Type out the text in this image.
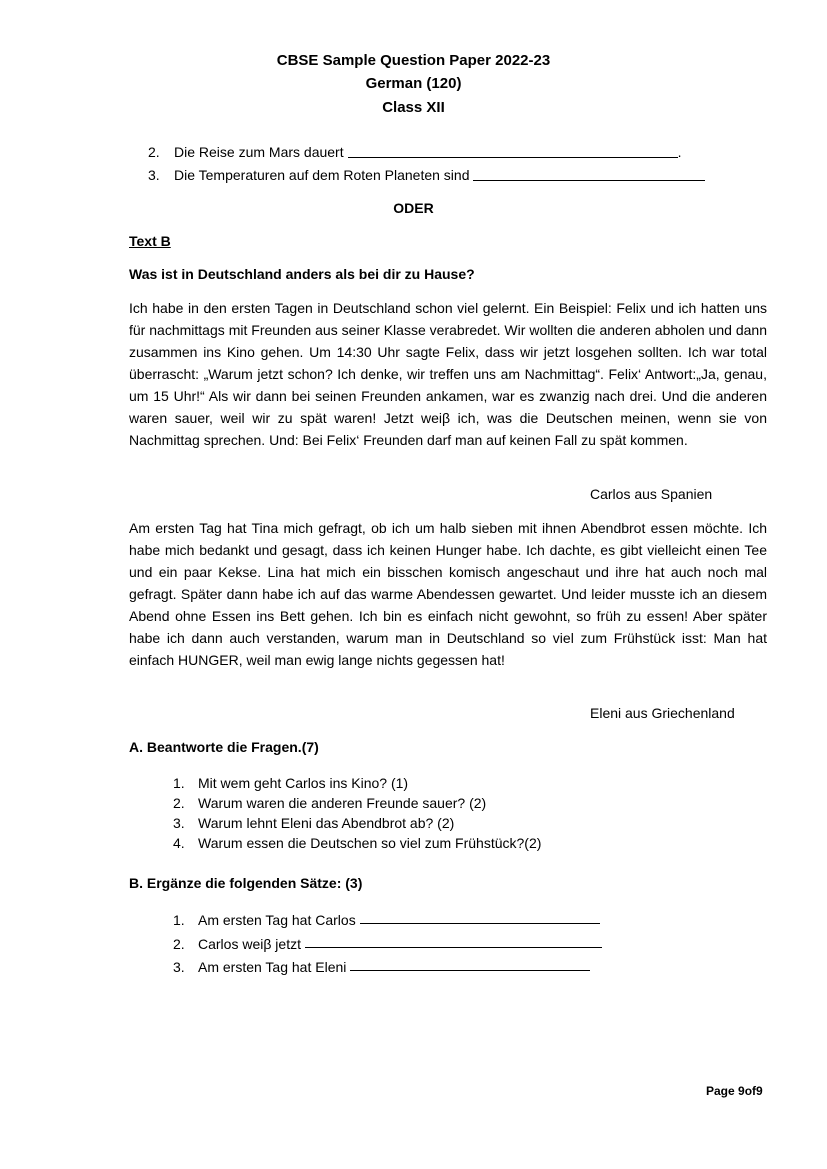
CBSE Sample Question Paper 2022-23
German (120)
Class XII
2.	Die Reise zum Mars dauert	.
3.	Die Temperaturen auf dem Roten Planeten sind
ODER
Text B
Was ist in Deutschland anders als bei dir zu Hause?
Ich habe in den ersten Tagen in Deutschland schon viel gelernt. Ein Beispiel: Felix und ich hatten uns für nachmittags mit Freunden aus seiner Klasse verabredet. Wir wollten die anderen abholen und dann zusammen ins Kino gehen. Um 14:30 Uhr sagte Felix, dass wir jetzt losgehen sollten. Ich war total überrascht: „Warum jetzt schon? Ich denke, wir treffen uns am Nachmittag“. Felix‘ Antwort:„Ja, genau, um 15 Uhr!“ Als wir dann bei seinen Freunden ankamen, war es zwanzig nach drei. Und die anderen waren sauer, weil wir zu spät waren! Jetzt weiβ ich, was die Deutschen meinen, wenn sie von Nachmittag sprechen. Und: Bei Felix‘ Freunden darf man auf keinen Fall zu spät kommen.
Carlos aus Spanien
Am ersten Tag hat Tina mich gefragt, ob ich um halb sieben mit ihnen Abendbrot essen möchte. Ich habe mich bedankt und gesagt, dass ich keinen Hunger habe. Ich dachte, es gibt vielleicht einen Tee und ein paar Kekse. Lina hat mich ein bisschen komisch angeschaut und ihre hat auch noch mal gefragt. Später dann habe ich auf das warme Abendessen gewartet. Und leider musste ich an diesem Abend ohne Essen ins Bett gehen. Ich bin es einfach nicht gewohnt, so früh zu essen! Aber später habe ich dann auch verstanden, warum man in Deutschland so viel zum Frühstück isst: Man hat einfach HUNGER, weil man ewig lange nichts gegessen hat!
Eleni aus Griechenland
A. Beantworte die Fragen.(7)
1. Mit wem geht Carlos ins Kino? (1)
2. Warum waren die anderen Freunde sauer? (2)
3. Warum lehnt Eleni das Abendbrot ab? (2)
4. Warum essen die Deutschen so viel zum Frühstück?(2)
B. Ergänze die folgenden Sätze: (3)
1. Am ersten Tag hat Carlos
2. Carlos weiβ jetzt
3. Am ersten Tag hat Eleni
Page 9of9
